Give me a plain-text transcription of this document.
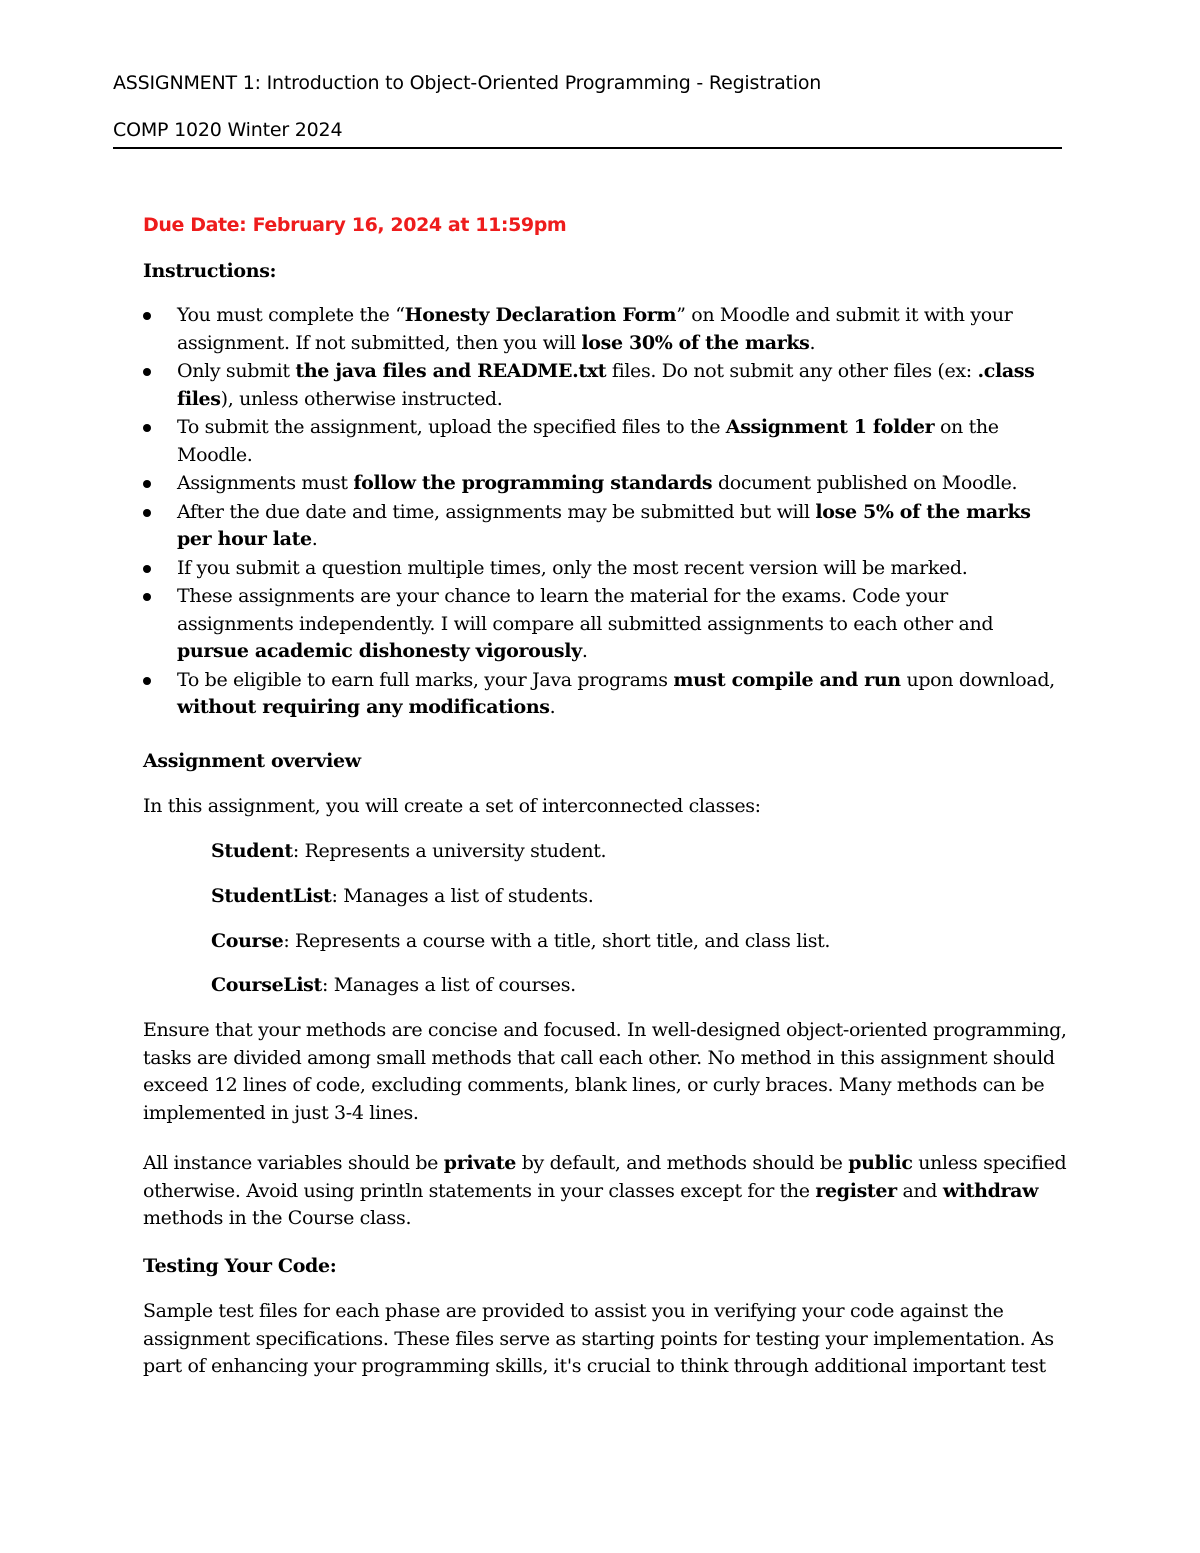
ASSIGNMENT 1: Introduction to Object-Oriented Programming - Registration
COMP 1020 Winter 2024
Due Date: February 16, 2024 at 11:59pm
Instructions:
You must complete the “Honesty Declaration Form” on Moodle and submit it with your assignment. If not submitted, then you will lose 30% of the marks.
Only submit the java files and README.txt files. Do not submit any other files (ex: .class files), unless otherwise instructed.
To submit the assignment, upload the specified files to the Assignment 1 folder on the Moodle.
Assignments must follow the programming standards document published on Moodle.
After the due date and time, assignments may be submitted but will lose 5% of the marks per hour late.
If you submit a question multiple times, only the most recent version will be marked.
These assignments are your chance to learn the material for the exams. Code your assignments independently. I will compare all submitted assignments to each other and pursue academic dishonesty vigorously.
To be eligible to earn full marks, your Java programs must compile and run upon download, without requiring any modifications.
Assignment overview
In this assignment, you will create a set of interconnected classes:
Student: Represents a university student.
StudentList: Manages a list of students.
Course: Represents a course with a title, short title, and class list.
CourseList: Manages a list of courses.
Ensure that your methods are concise and focused. In well-designed object-oriented programming, tasks are divided among small methods that call each other. No method in this assignment should exceed 12 lines of code, excluding comments, blank lines, or curly braces. Many methods can be implemented in just 3-4 lines.
All instance variables should be private by default, and methods should be public unless specified otherwise. Avoid using println statements in your classes except for the register and withdraw methods in the Course class.
Testing Your Code:
Sample test files for each phase are provided to assist you in verifying your code against the assignment specifications. These files serve as starting points for testing your implementation. As part of enhancing your programming skills, it's crucial to think through additional important test
